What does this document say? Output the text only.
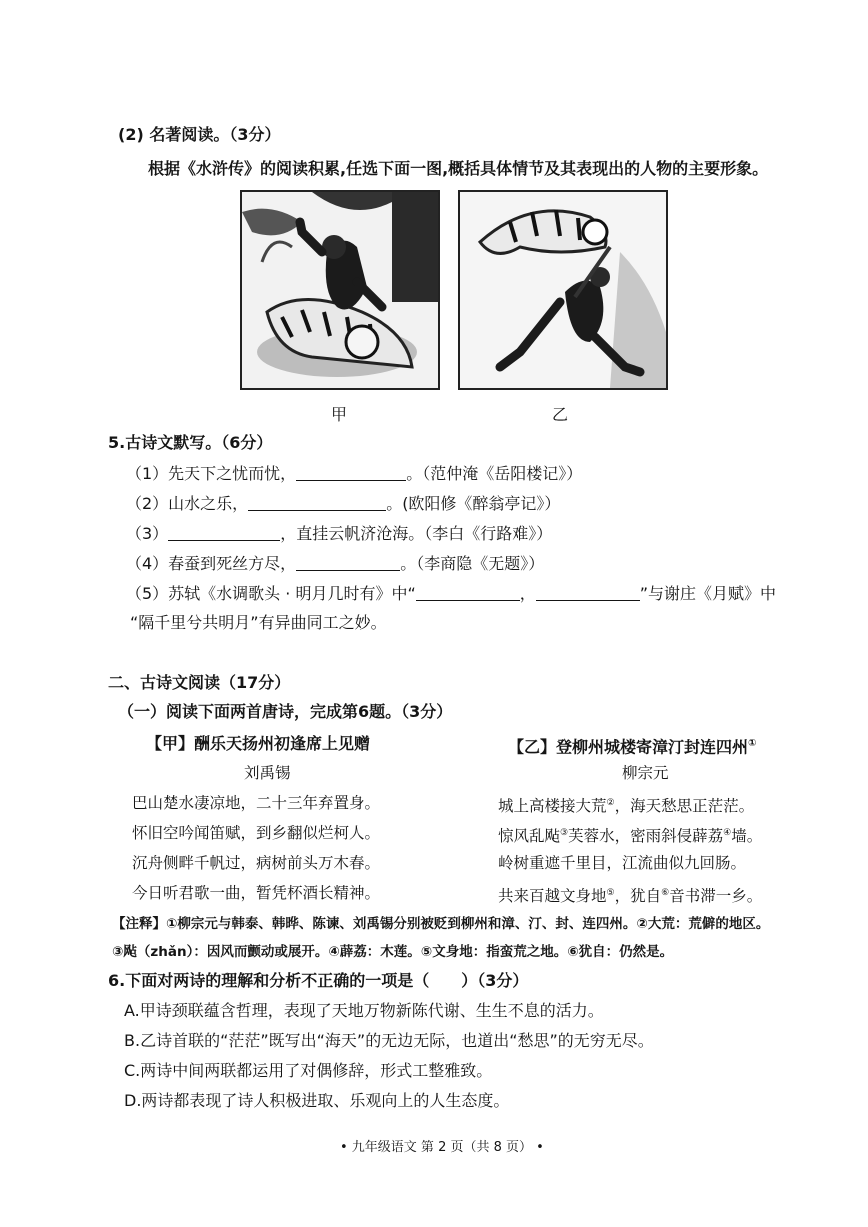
(2) 名著阅读。（3分）
根据《水浒传》的阅读积累,任选下面一图,概括具体情节及其表现出的人物的主要形象。
甲	乙
5.古诗文默写。（6分）
（1）先天下之忧而忧，	。（范仲淹《岳阳楼记》）
（2）山水之乐，	。(欧阳修《醉翁亭记》）
（3）	，直挂云帆济沧海。（李白《行路难》）
（4）春蚕到死丝方尽，	。（李商隐《无题》）
（5）苏轼《水调歌头 · 明月几时有》中“	，	”与谢庄《月赋》中
“隔千里兮共明月”有异曲同工之妙。
二、古诗文阅读（17分）
（一）阅读下面两首唐诗，完成第6题。（3分）
【甲】酬乐天扬州初逢席上见赠
刘禹锡
巴山楚水凄凉地，二十三年弃置身。
怀旧空吟闻笛赋，到乡翻似烂柯人。
沉舟侧畔千帆过，病树前头万木春。
今日听君歌一曲，暂凭杯酒长精神。
【乙】登柳州城楼寄漳汀封连四州①
柳宗元
城上高楼接大荒②，海天愁思正茫茫。
惊风乱飐③芙蓉水，密雨斜侵薜荔④墙。
岭树重遮千里目，江流曲似九回肠。
共来百越文身地⑤，犹自⑥音书滞一乡。
【注释】①柳宗元与韩泰、韩晔、陈谏、刘禹锡分别被贬到柳州和漳、汀、封、连四州。②大荒：荒僻的地区。
③飐（zhǎn）：因风而颤动或展开。④薜荔：木莲。⑤文身地：指蛮荒之地。⑥犹自：仍然是。
6.下面对两诗的理解和分析不正确的一项是（　　）（3分）
A.甲诗颈联蕴含哲理，表现了天地万物新陈代谢、生生不息的活力。
B.乙诗首联的“茫茫”既写出“海天”的无边无际，也道出“愁思”的无穷无尽。
C.两诗中间两联都运用了对偶修辞，形式工整雅致。
D.两诗都表现了诗人积极进取、乐观向上的人生态度。
• 九年级语文 第 2 页（共 8 页） •
